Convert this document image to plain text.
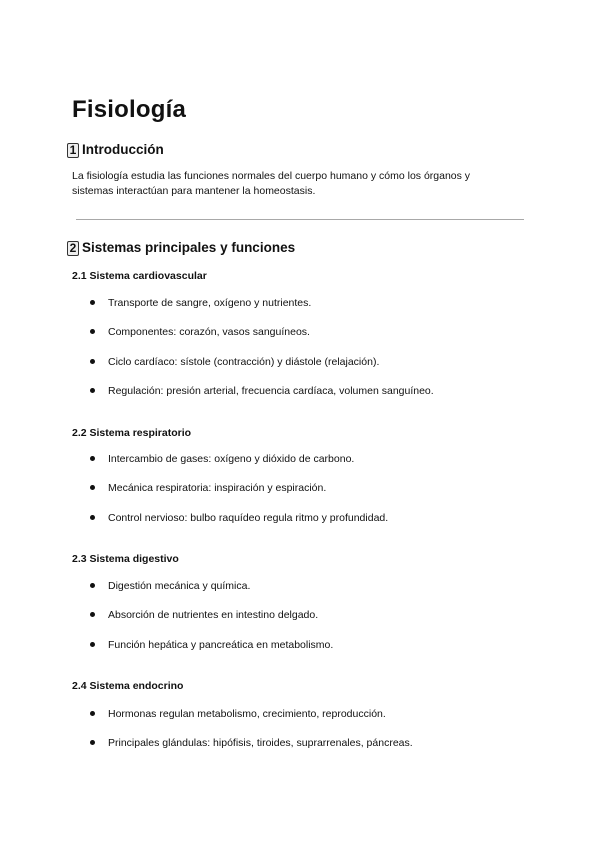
Fisiología
1 Introducción

La fisiología estudia las funciones normales del cuerpo humano y cómo los órganos y sistemas interactúan para mantener la homeostasis.

2 Sistemas principales y funciones
2.1 Sistema cardiovascular
Transporte de sangre, oxígeno y nutrientes.
Componentes: corazón, vasos sanguíneos.
Ciclo cardíaco: sístole (contracción) y diástole (relajación).
Regulación: presión arterial, frecuencia cardíaca, volumen sanguíneo.
2.2 Sistema respiratorio
Intercambio de gases: oxígeno y dióxido de carbono.
Mecánica respiratoria: inspiración y espiración.
Control nervioso: bulbo raquídeo regula ritmo y profundidad.
2.3 Sistema digestivo
Digestión mecánica y química.
Absorción de nutrientes en intestino delgado.
Función hepática y pancreática en metabolismo.
2.4 Sistema endocrino
Hormonas regulan metabolismo, crecimiento, reproducción.
Principales glándulas: hipófisis, tiroides, suprarrenales, páncreas.
